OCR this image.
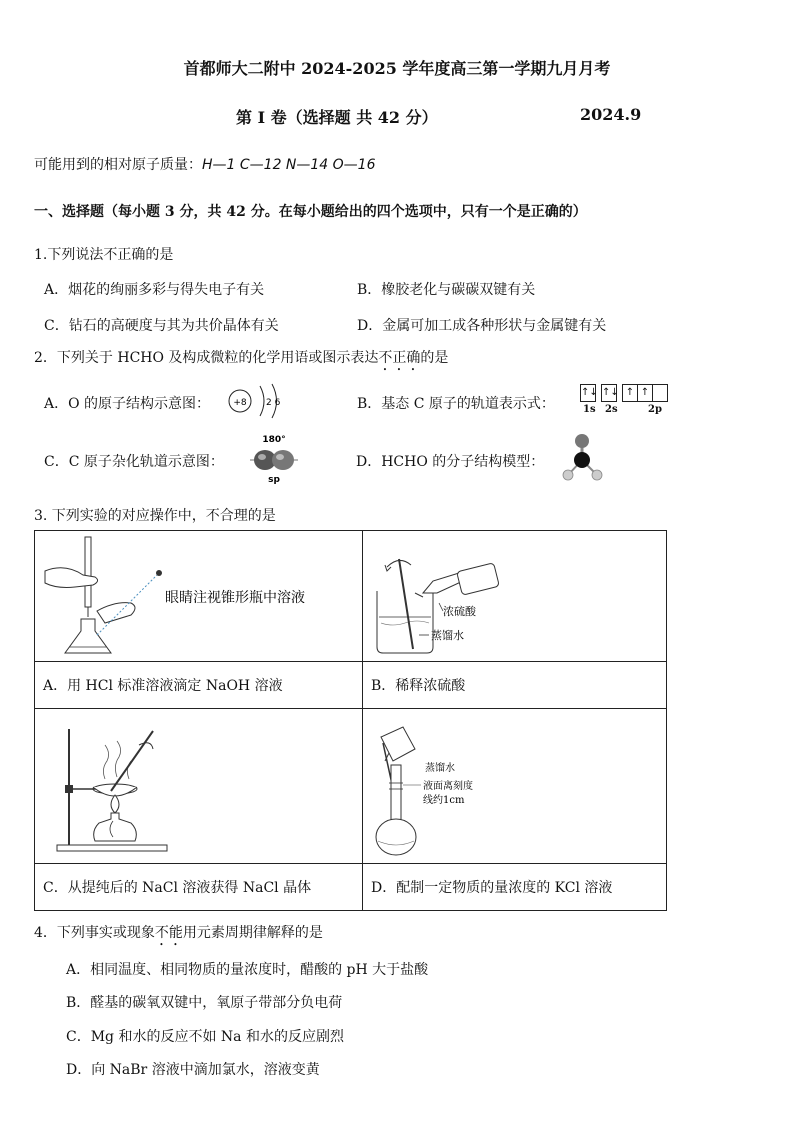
首都师大二附中 2024-2025 学年度高三第一学期九月月考
第 I 卷（选择题 共 42 分）	2024.9
可能用到的相对原子质量：H—1 C—12 N—14 O—16
一、选择题（每小题 3 分，共 42 分。在每小题给出的四个选项中，只有一个是正确的）
1.下列说法不正确的是
A．烟花的绚丽多彩与得失电子有关	B．橡胶老化与碳碳双键有关
C．钻石的高硬度与其为共价晶体有关	D．金属可加工成各种形状与金属键有关
2．下列关于 HCHO 及构成微粒的化学用语或图示表达不正确的是
A．O 的原子结构示意图：	+8 2 6	B．基态 C 原子的轨道表示式：
↑↓ ↑↓ ↑ ↑
1s 2s	2p
C．C 原子杂化轨道示意图：
180°
sp
D．HCHO 的分子结构模型：
3. 下列实验的对应操作中，不合理的是
眼睛注视锥形瓶中溶液	浓硫酸
蒸馏水

A．用 HCl 标准溶液滴定 NaOH 溶液	B．稀释浓硫酸

蒸馏水
液面离刻度
线约1cm

C．从提纯后的 NaCl 溶液获得 NaCl 晶体	D．配制一定物质的量浓度的 KCl 溶液
4．下列事实或现象不能用元素周期律解释的是
A．相同温度、相同物质的量浓度时，醋酸的 pH 大于盐酸
B．醛基的碳氧双键中，氧原子带部分负电荷
C．Mg 和水的反应不如 Na 和水的反应剧烈
D．向 NaBr 溶液中滴加氯水，溶液变黄
